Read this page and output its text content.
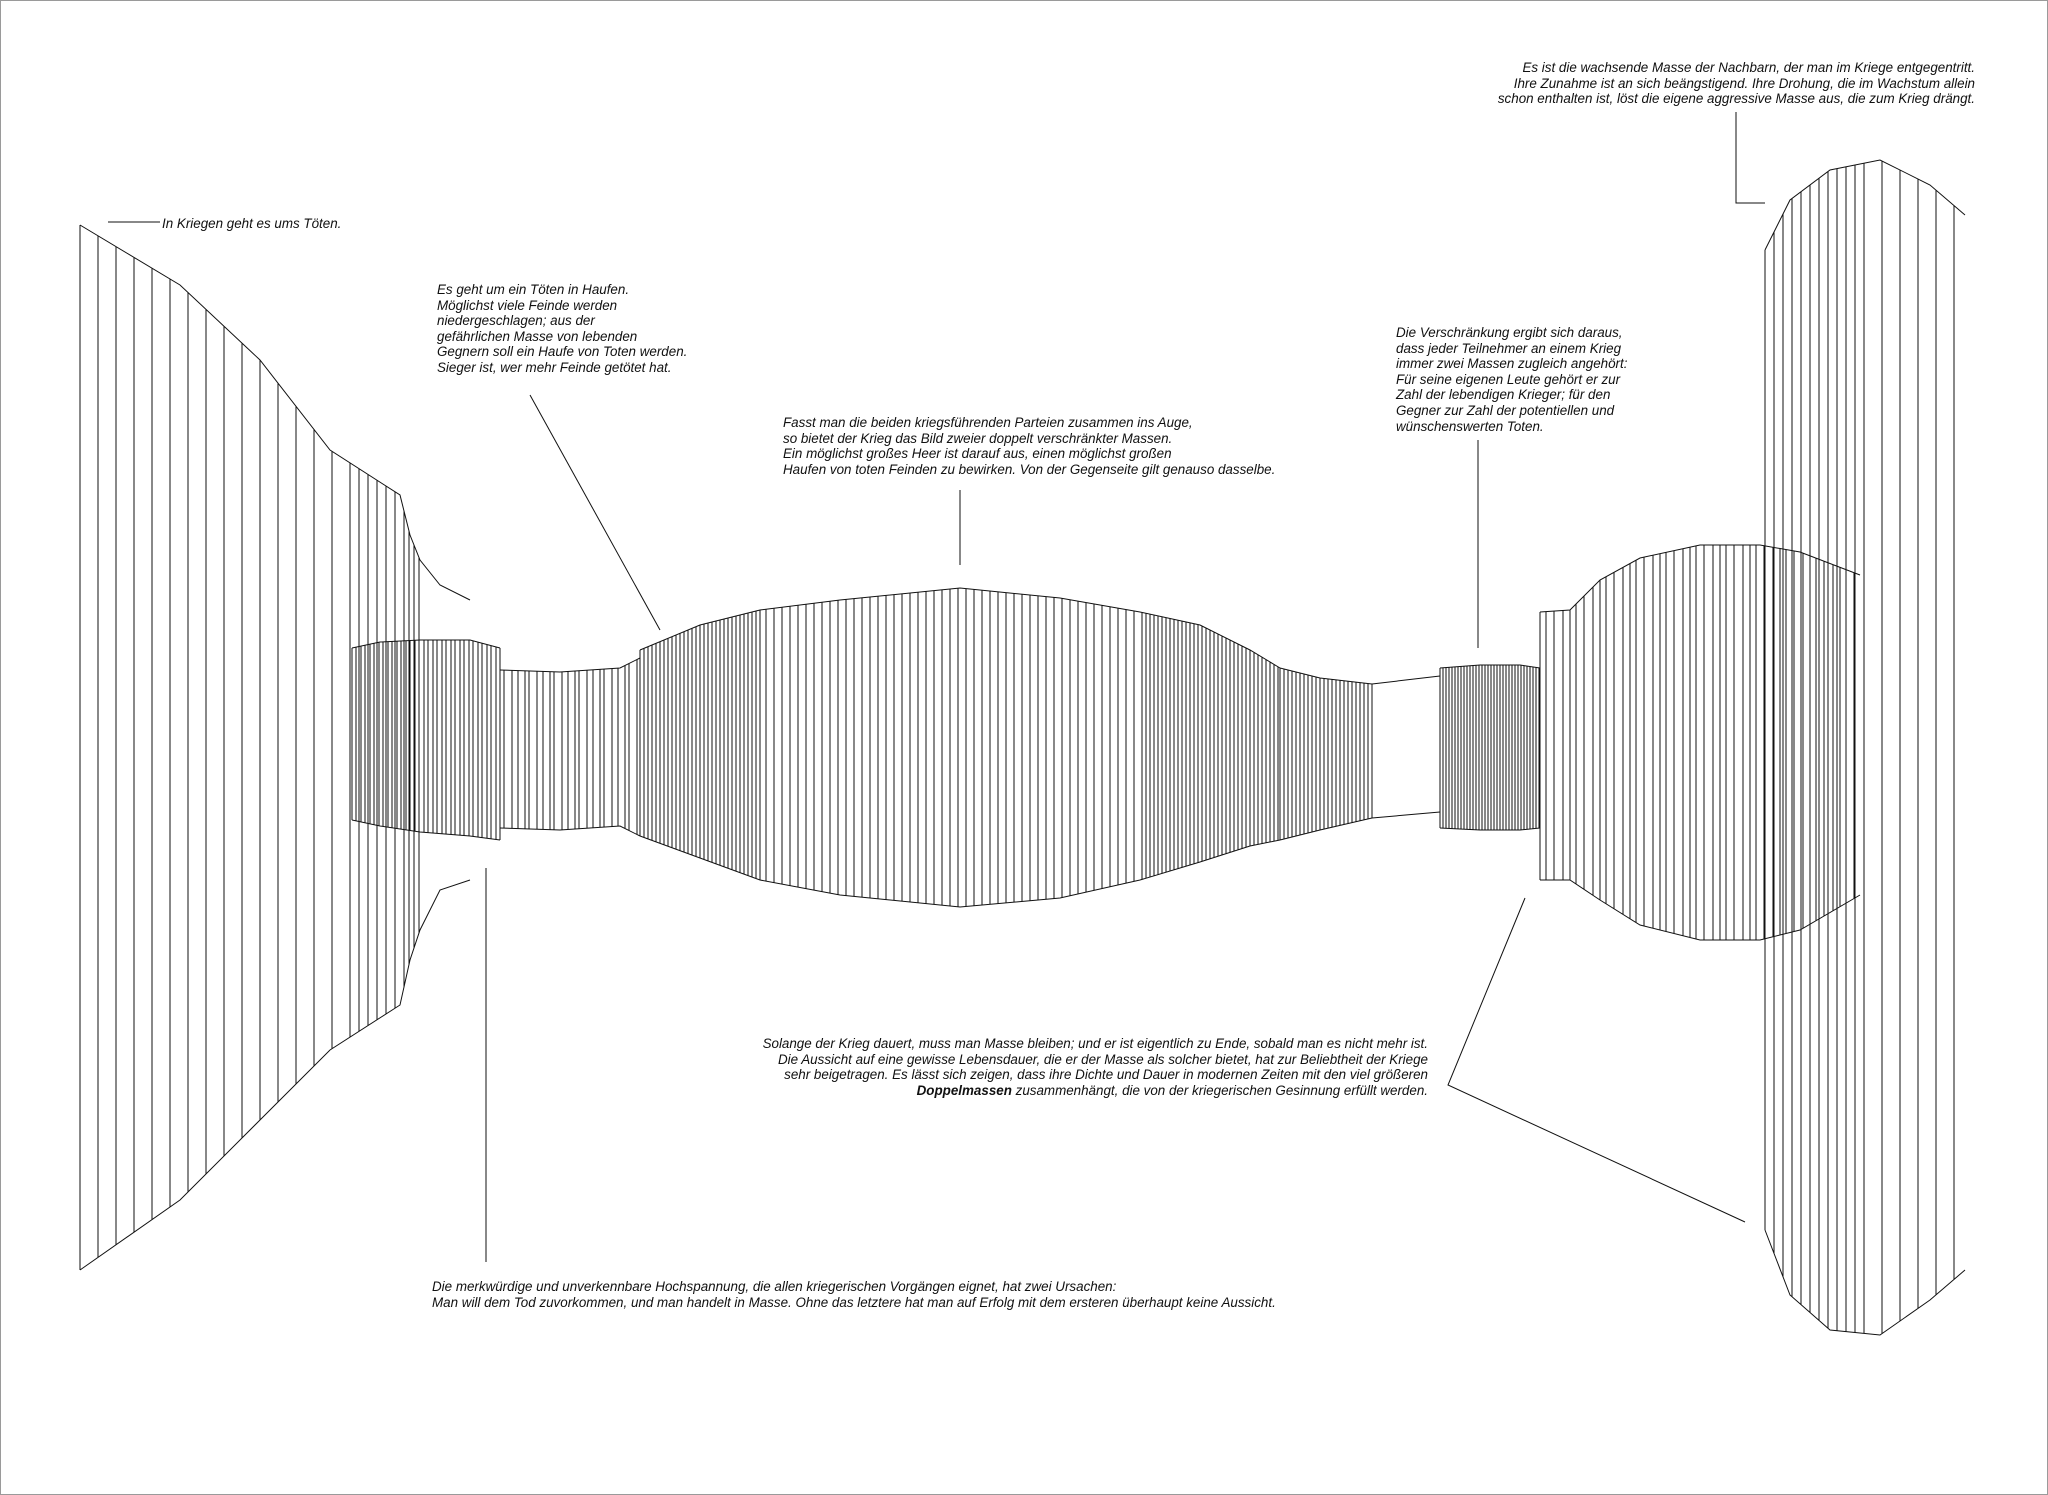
In Kriegen geht es ums Töten.
Es geht um ein Töten in Haufen.
Möglichst viele Feinde werden
niedergeschlagen; aus der
gefährlichen Masse von lebenden
Gegnern soll ein Haufe von Toten werden.
Sieger ist, wer mehr Feinde getötet hat.
Fasst man die beiden kriegsführenden Parteien zusammen ins Auge,
so bietet der Krieg das Bild zweier doppelt verschränkter Massen.
Ein möglichst großes Heer ist darauf aus, einen möglichst großen
Haufen von toten Feinden zu bewirken. Von der Gegenseite gilt genauso dasselbe.
Die Verschränkung ergibt sich daraus,
dass jeder Teilnehmer an einem Krieg
immer zwei Massen zugleich angehört:
Für seine eigenen Leute gehört er zur
Zahl der lebendigen Krieger; für den
Gegner zur Zahl der potentiellen und
wünschenswerten Toten.
Es ist die wachsende Masse der Nachbarn, der man im Kriege entgegentritt.
Ihre Zunahme ist an sich beängstigend. Ihre Drohung, die im Wachstum allein
schon enthalten ist, löst die eigene aggressive Masse aus, die zum Krieg drängt.
Solange der Krieg dauert, muss man Masse bleiben; und er ist eigentlich zu Ende, sobald man es nicht mehr ist.
Die Aussicht auf eine gewisse Lebensdauer, die er der Masse als solcher bietet, hat zur Beliebtheit der Kriege
sehr beigetragen. Es lässt sich zeigen, dass ihre Dichte und Dauer in modernen Zeiten mit den viel größeren
Doppelmassen zusammenhängt, die von der kriegerischen Gesinnung erfüllt werden.
Die merkwürdige und unverkennbare Hochspannung, die allen kriegerischen Vorgängen eignet, hat zwei Ursachen:
Man will dem Tod zuvorkommen, und man handelt in Masse. Ohne das letztere hat man auf Erfolg mit dem ersteren überhaupt keine Aussicht.
